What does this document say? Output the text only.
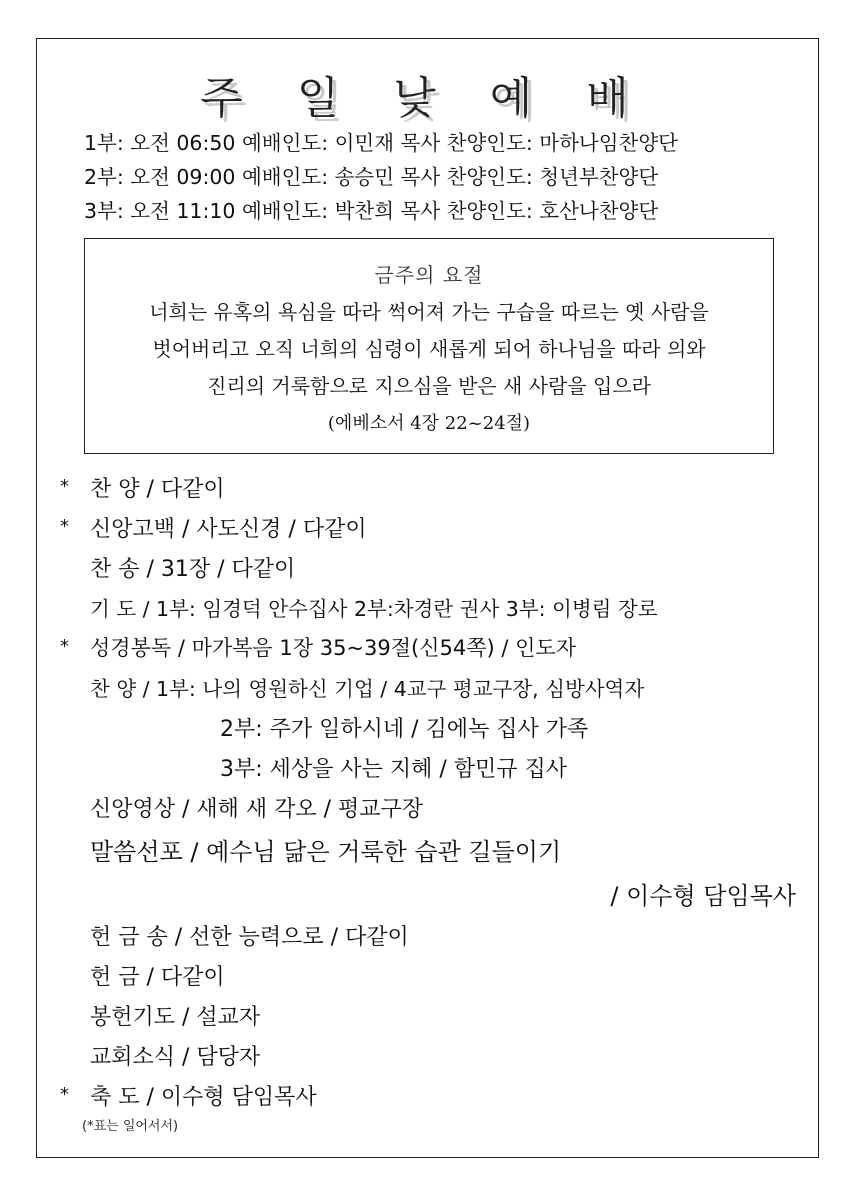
주 일 낮 예 배
1부: 오전 06:50 예배인도: 이민재 목사 찬양인도: 마하나임찬양단
2부: 오전 09:00 예배인도: 송승민 목사 찬양인도: 청년부찬양단
3부: 오전 11:10 예배인도: 박찬희 목사 찬양인도: 호산나찬양단
금주의 요절
너희는 유혹의 욕심을 따라 썩어져 가는 구습을 따르는 옛 사람을
벗어버리고 오직 너희의 심령이 새롭게 되어 하나님을 따라 의와
진리의 거룩함으로 지으심을 받은 새 사람을 입으라
(에베소서 4장 22~24절)
* 찬 양 / 다같이
* 신앙고백 / 사도신경 / 다같이
찬 송 / 31장 / 다같이
기 도 / 1부: 임경덕 안수집사 2부:차경란 권사 3부: 이병림 장로
* 성경봉독 / 마가복음 1장 35~39절(신54쪽) / 인도자
찬 양 / 1부: 나의 영원하신 기업 / 4교구 평교구장, 심방사역자
2부: 주가 일하시네 / 김에녹 집사 가족
3부: 세상을 사는 지혜 / 함민규 집사
신앙영상 / 새해 새 각오 / 평교구장
말씀선포 / 예수님 닮은 거룩한 습관 길들이기
/ 이수형 담임목사
헌 금 송 / 선한 능력으로 / 다같이
헌 금 / 다같이
봉헌기도 / 설교자
교회소식 / 담당자
* 축 도 / 이수형 담임목사
(*표는 일어서서)
